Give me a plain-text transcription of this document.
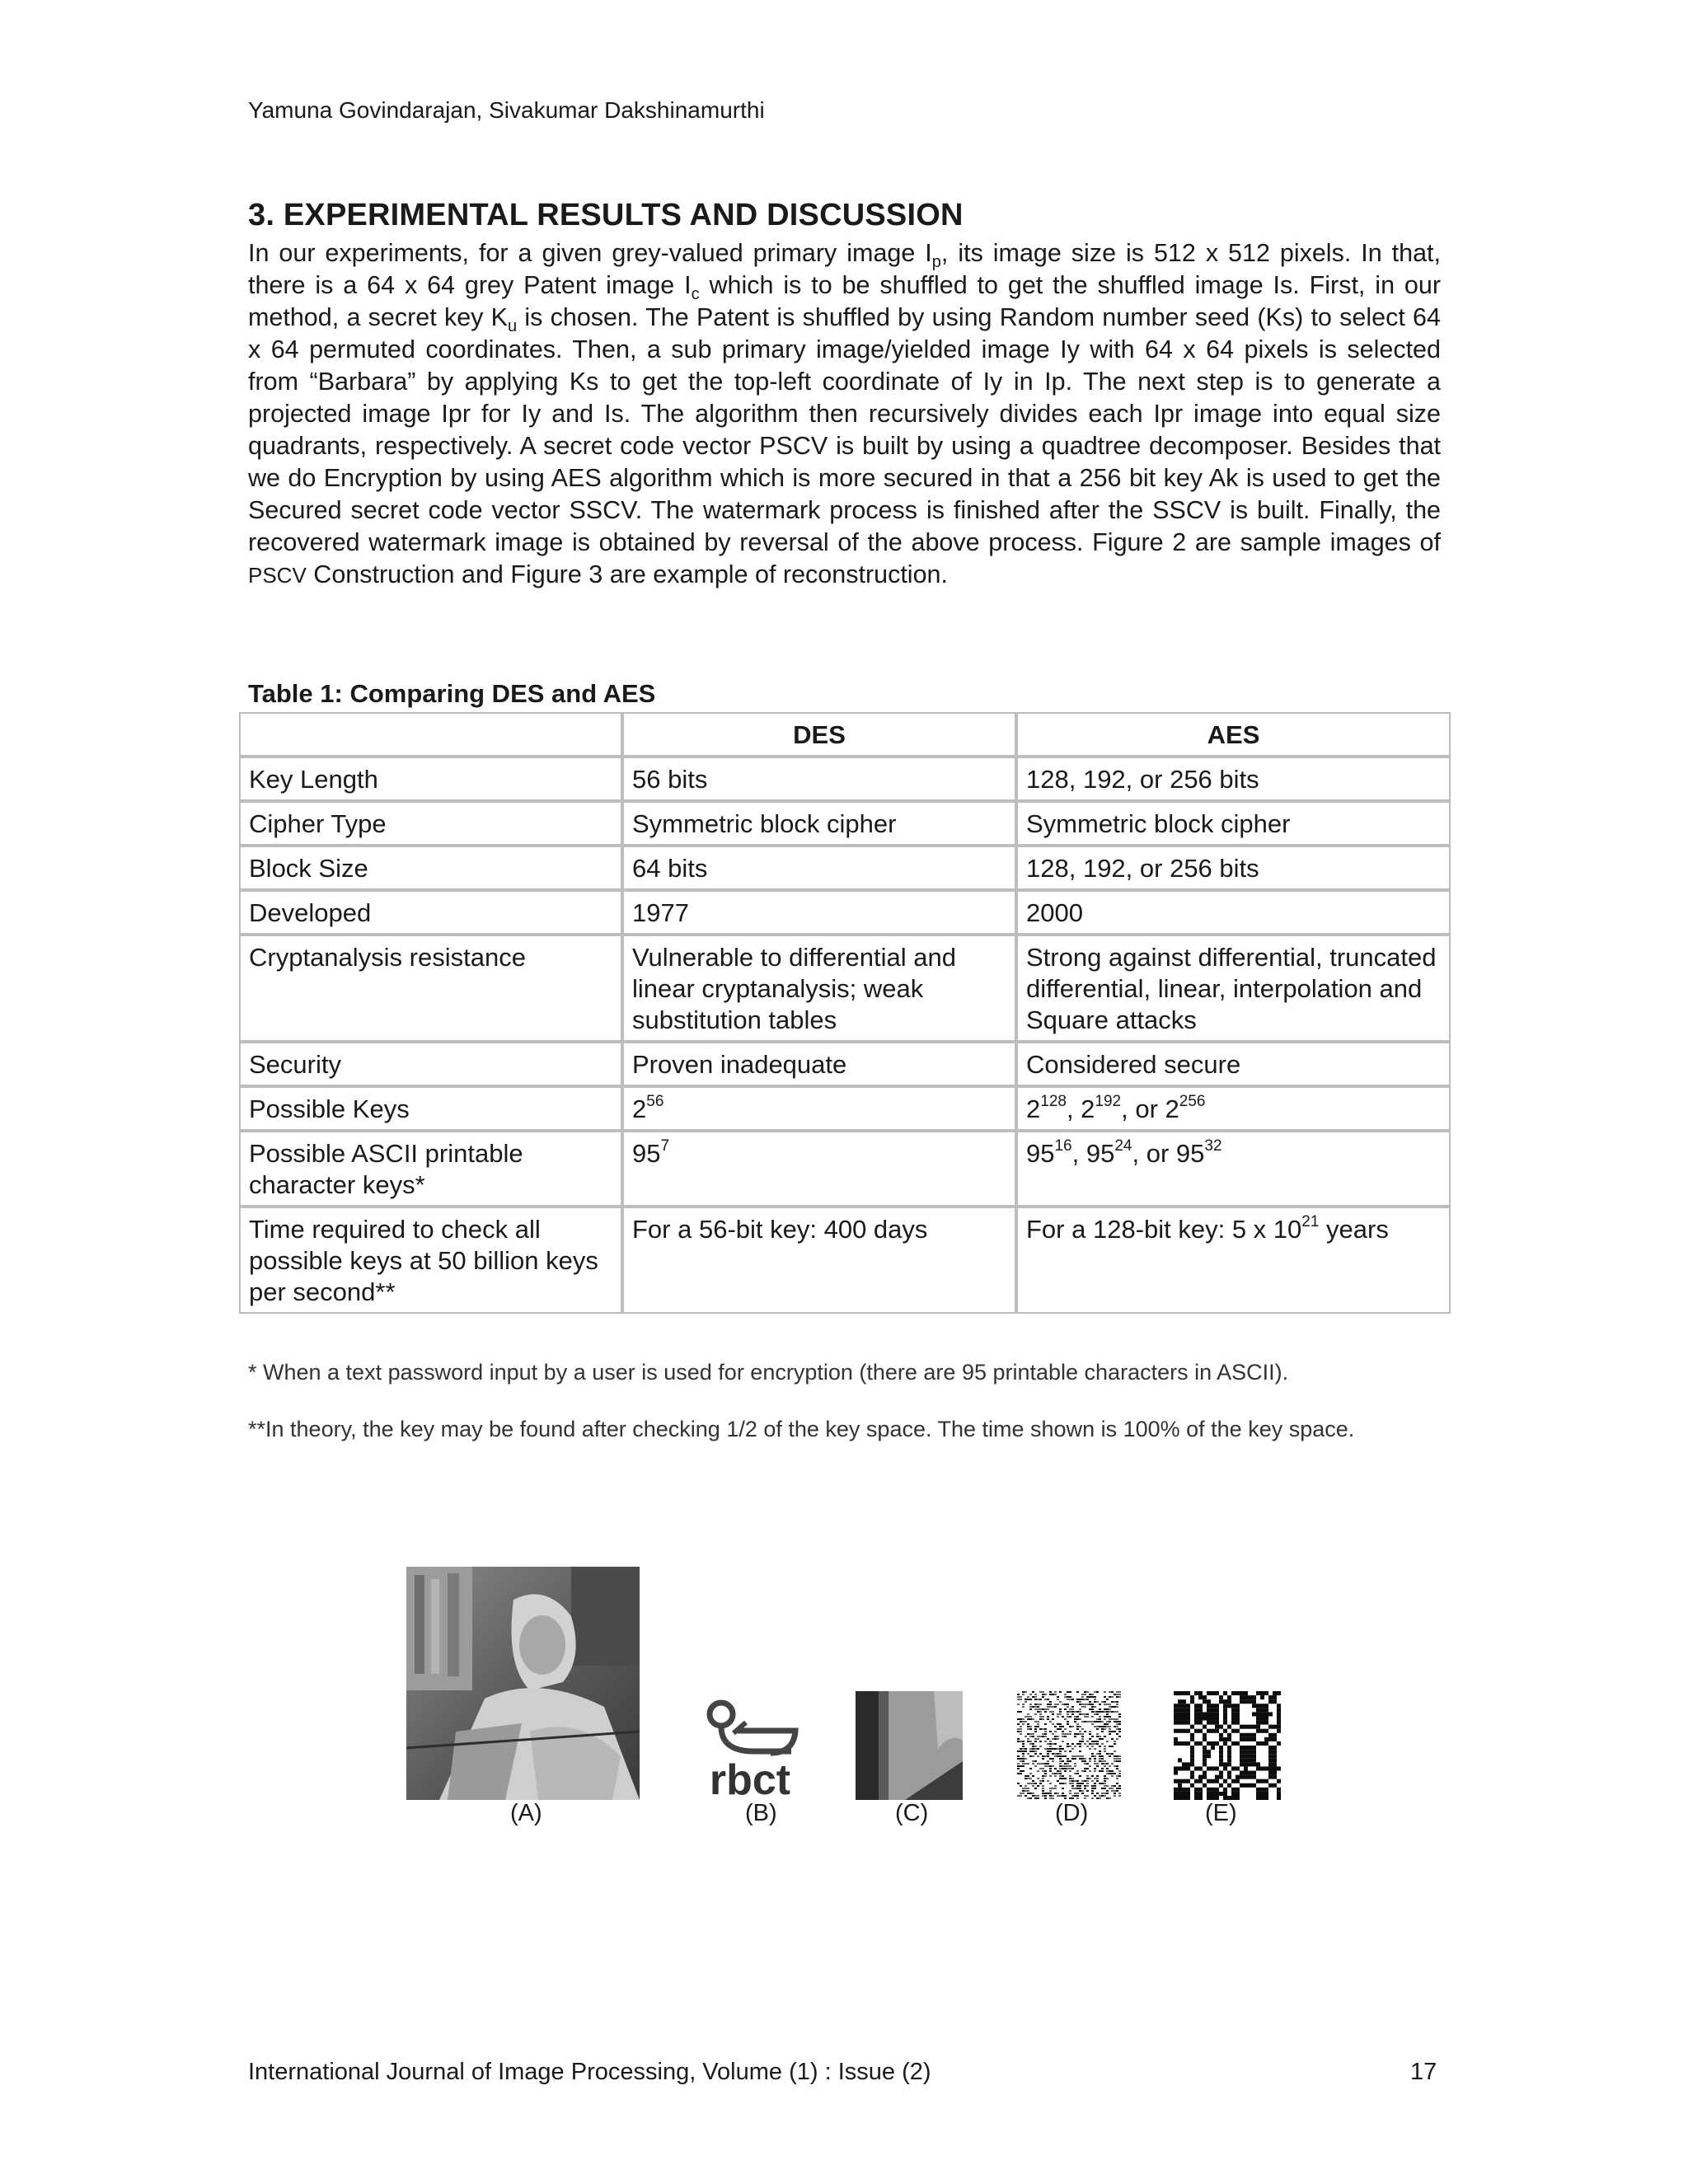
Yamuna Govindarajan, Sivakumar Dakshinamurthi
3. EXPERIMENTAL RESULTS AND DISCUSSION
In our experiments, for a given grey-valued primary image $I_p$, its image size is 512 x 512 pixels. In that, there is a 64 x 64 grey Patent image $I_c$ which is to be shuffled to get the shuffled image Is. First, in our method, a secret key $K_u$ is chosen. The Patent is shuffled by using Random number seed (Ks) to select 64 x 64 permuted coordinates. Then, a sub primary image/yielded image Iy with 64 x 64 pixels is selected from “Barbara” by applying Ks to get the top-left coordinate of Iy in Ip. The next step is to generate a projected image Ipr for Iy and Is. The algorithm then recursively divides each Ipr image into equal size quadrants, respectively. A secret code vector PSCV is built by using a quadtree decomposer. Besides that we do Encryption by using AES algorithm which is more secured in that a 256 bit key Ak is used to get the Secured secret code vector SSCV. The watermark process is finished after the SSCV is built. Finally, the recovered watermark image is obtained by reversal of the above process. Figure 2 are sample images of PSCV Construction and Figure 3 are example of reconstruction.
Table 1: Comparing DES and AES
	DES	AES
Key Length	56 bits	128, 192, or 256 bits
Cipher Type	Symmetric block cipher	Symmetric block cipher
Block Size	64 bits	128, 192, or 256 bits
Developed	1977	2000
Cryptanalysis resistance	Vulnerable to differential and linear cryptanalysis; weak substitution tables	Strong against differential, truncated differential, linear, interpolation and Square attacks
Security	Proven inadequate	Considered secure
Possible Keys	$2^{56}$	$2^{128}$, $2^{192}$, or $2^{256}$
Possible ASCII printable character keys*	$95^7$	$95^{16}$, $95^{24}$, or $95^{32}$
Time required to check all possible keys at 50 billion keys per second**	For a 56-bit key: 400 days	For a 128-bit key: 5 x $10^{21}$ years
* When a text password input by a user is used for encryption (there are 95 printable characters in ASCII).
**In theory, the key may be found after checking 1/2 of the key space. The time shown is 100% of the key space.
rbct
(A)	(B)	(C)	(D)	(E)
International Journal of Image Processing, Volume (1) : Issue (2)	17
